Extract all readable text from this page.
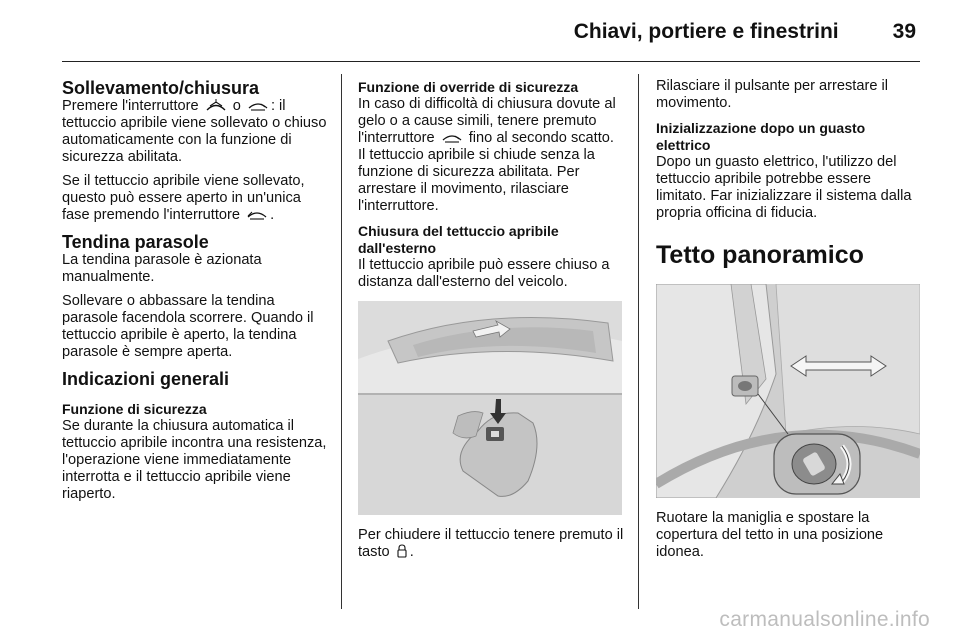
Chiavi, portiere e finestrini	39
Sollevamento/chiusura
Premere l'interruttore o : il tettuccio apribile viene sollevato o chiuso automaticamente con la funzione di sicurezza abilitata.
Se il tettuccio apribile viene sollevato, questo può essere aperto in un'unica fase premendo l'interruttore .
Tendina parasole
La tendina parasole è azionata manualmente.
Sollevare o abbassare la tendina parasole facendola scorrere. Quando il tettuccio apribile è aperto, la tendina parasole è sempre aperta.
Indicazioni generali
Funzione di sicurezza
Se durante la chiusura automatica il tettuccio apribile incontra una resistenza, l'operazione viene immediatamente interrotta e il tettuccio apribile viene riaperto.
Funzione di override di sicurezza
In caso di difficoltà di chiusura dovute al gelo o a cause simili, tenere premuto l'interruttore fino al secondo scatto. Il tettuccio apribile si chiude senza la funzione di sicurezza abilitata. Per arrestare il movimento, rilasciare l'interruttore.
Chiusura del tettuccio apribile dall'esterno
Il tettuccio apribile può essere chiuso a distanza dall'esterno del veicolo.
Per chiudere il tettuccio tenere premuto il tasto .
Rilasciare il pulsante per arrestare il movimento.
Inizializzazione dopo un guasto elettrico
Dopo un guasto elettrico, l'utilizzo del tettuccio apribile potrebbe essere limitato. Far inizializzare il sistema dalla propria officina di fiducia.
Tetto panoramico
Ruotare la maniglia e spostare la copertura del tetto in una posizione idonea.
carmanualsonline.info
